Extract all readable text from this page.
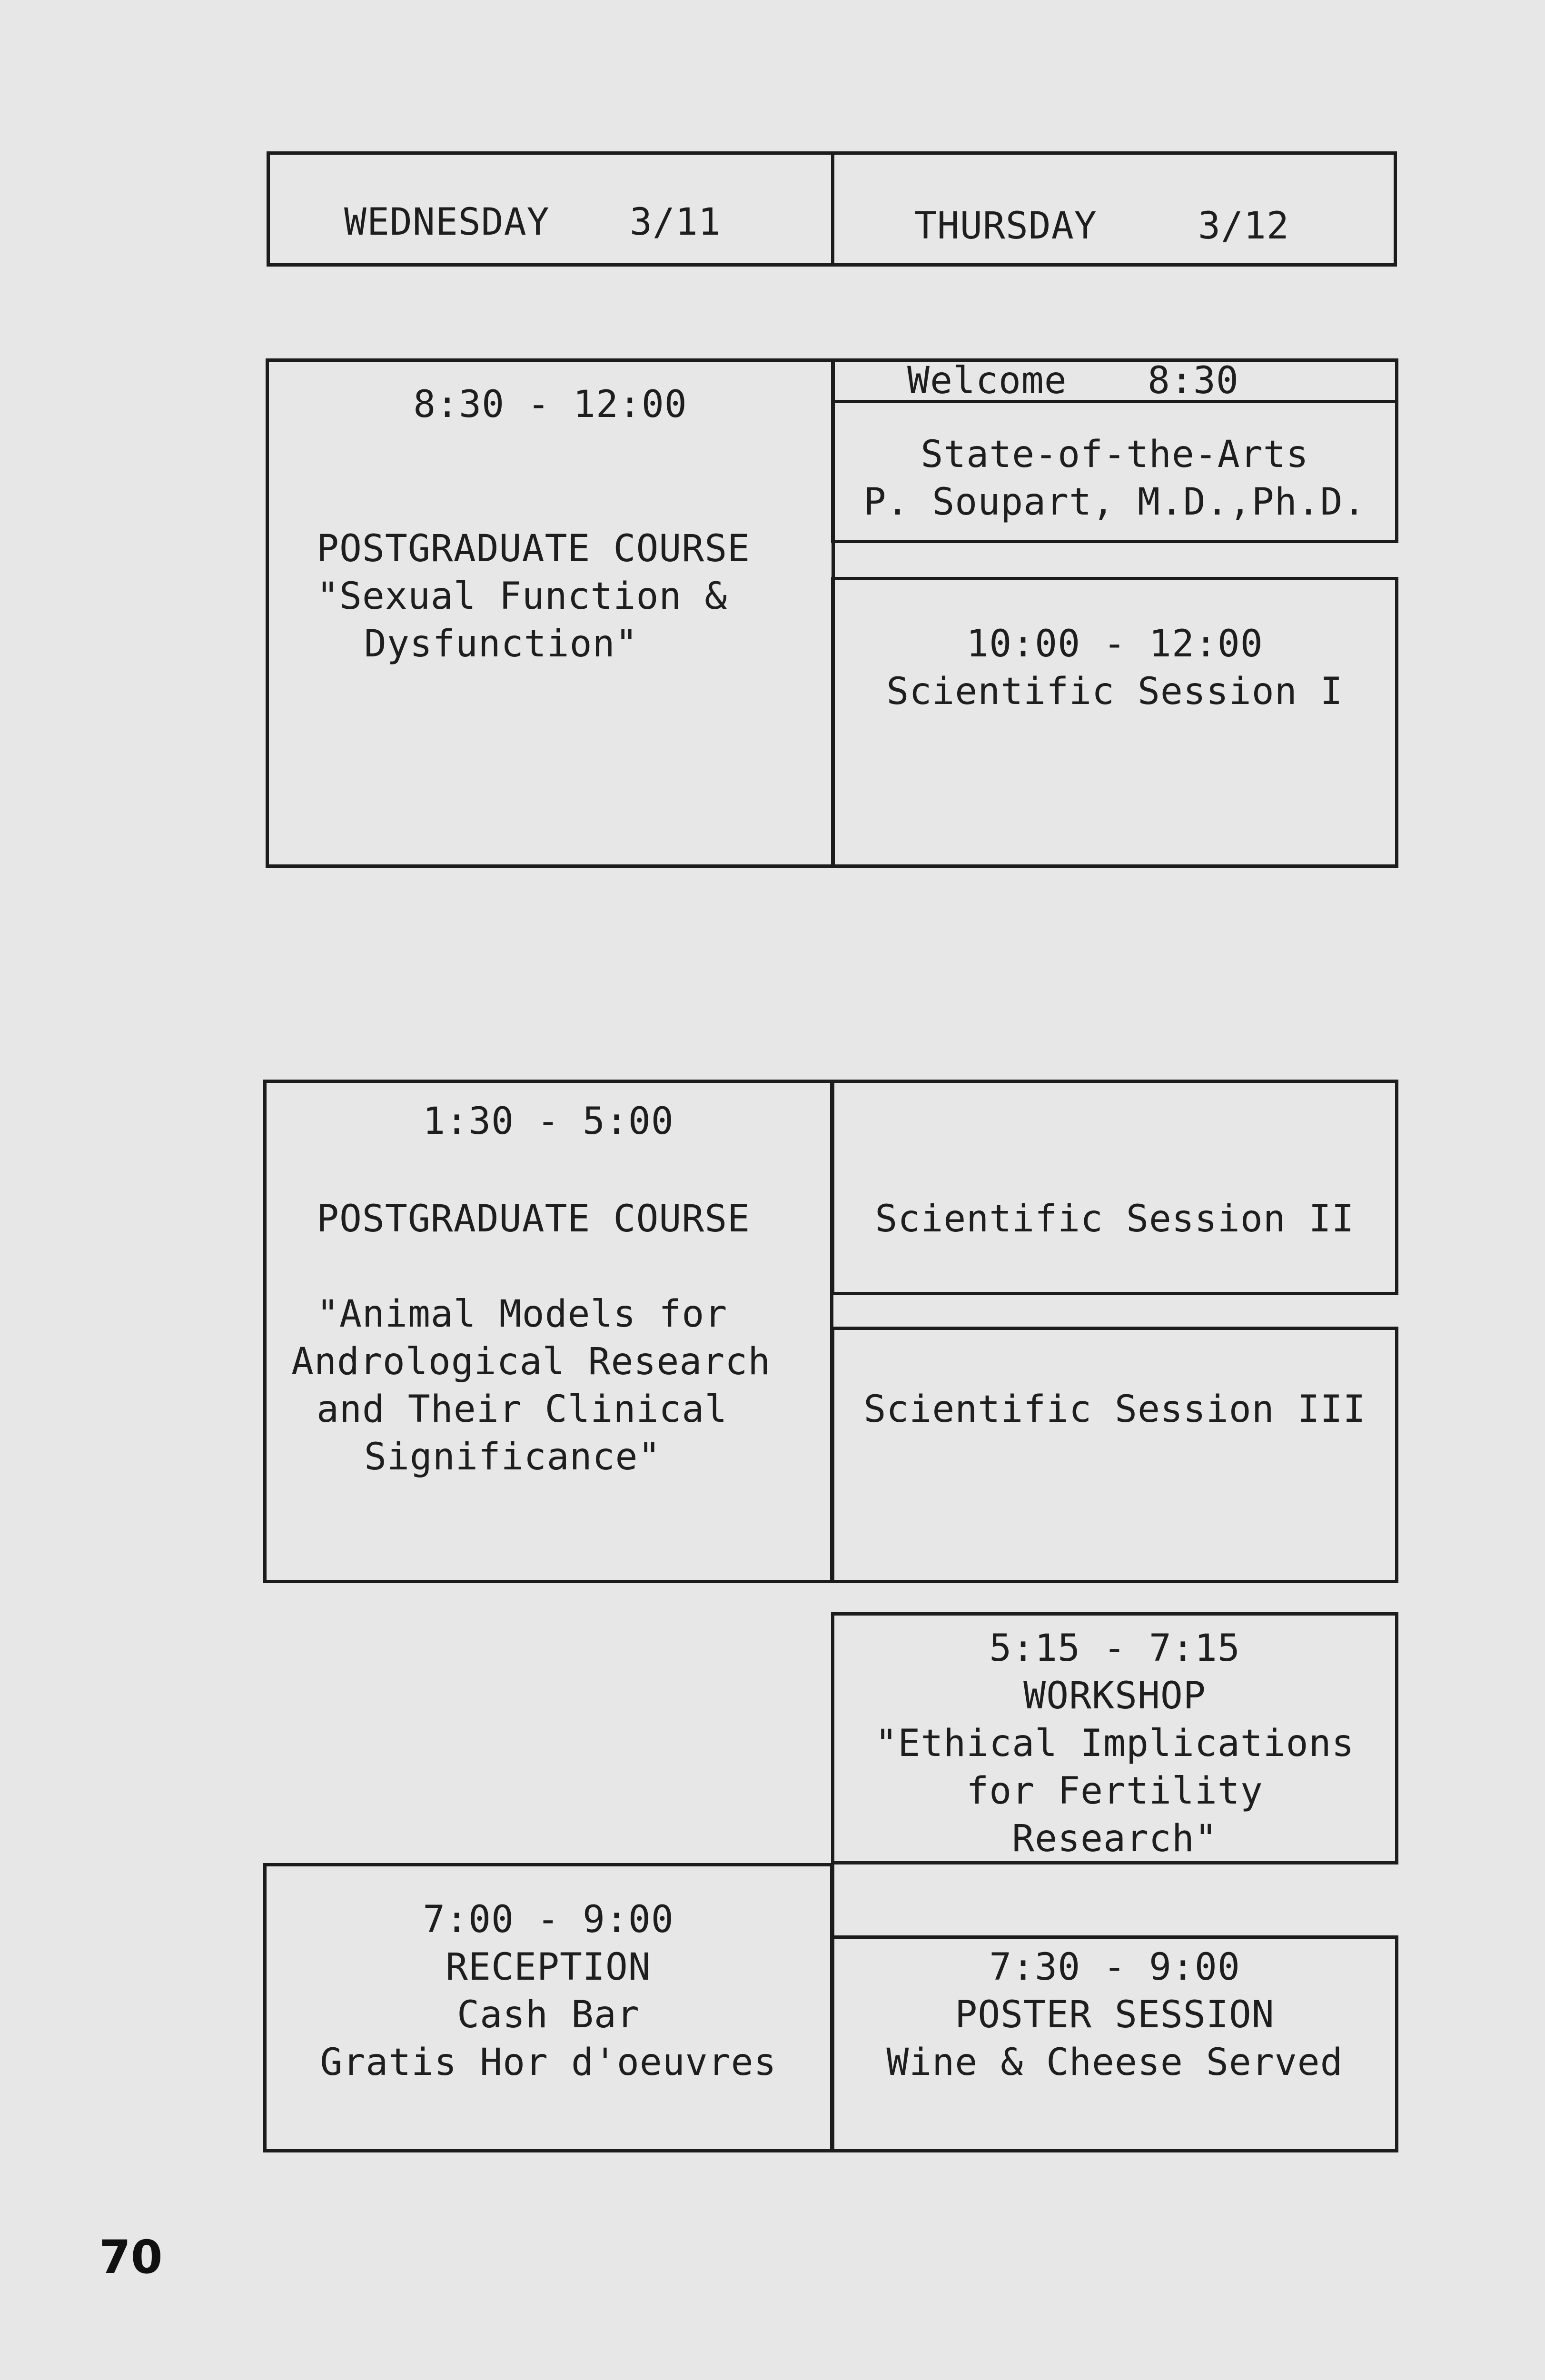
WEDNESDAY 3/11	THURSDAY	3/12
8:30 - 12:00
POSTGRADUATE COURSE
"Sexual Function &
Dysfunction"
Welcome 8:30
State-of-the-Arts
P. Soupart, M.D.,Ph.D.
10:00 - 12:00
Scientific Session I
1:30 - 5:00
POSTGRADUATE COURSE
"Animal Models for
Andrological Research
and Their Clinical
Significance"
Scientific Session II
Scientific Session III
5:15 - 7:15
WORKSHOP
"Ethical Implications
for Fertility
Research"
7:00 - 9:00
RECEPTION
Cash Bar
Gratis Hor d'oeuvres
7:30 - 9:00
POSTER SESSION
Wine & Cheese Served
70
